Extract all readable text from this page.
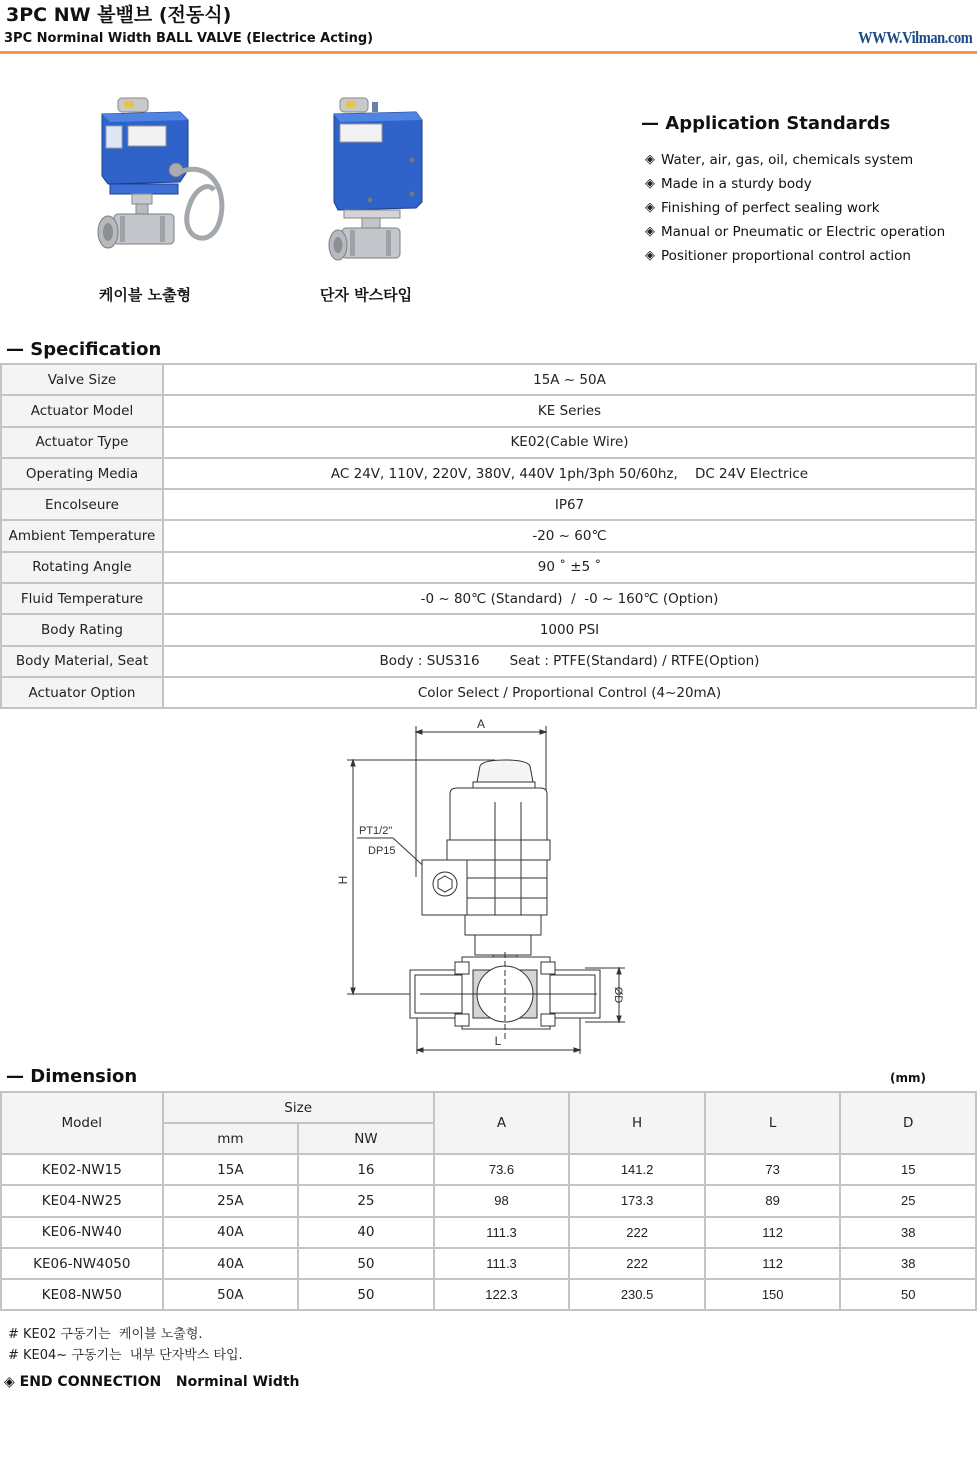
3PC NW 볼밸브 (전동식)
3PC Norminal Width BALL VALVE (Electrice Acting)	WWW.Vilman.com
케이블 노출형	단자 박스타입
— Application Standards
◈ Water, air, gas, oil, chemicals system
◈ Made in a sturdy body
◈ Finishing of perfect sealing work
◈ Manual or Pneumatic or Electric operation
◈ Positioner proportional control action
— Specification
Valve Size	15A ~ 50A
Actuator Model	KE Series
Actuator Type	KE02(Cable Wire)
Operating Media	AC 24V, 110V, 220V, 380V, 440V 1ph/3ph 50/60hz,    DC 24V Electrice
Encolseure	IP67
Ambient Temperature	-20 ~ 60℃
Rotating Angle	90 ˚ ±5 ˚
Fluid Temperature	-0 ~ 80℃ (Standard)  /  -0 ~ 160℃ (Option)
Body Rating	1000 PSI
Body Material, Seat	Body : SUS316       Seat : PTFE(Standard) / RTFE(Option)
Actuator Option	Color Select / Proportional Control (4~20mA)
A
H
PT1/2"
DP15
L
ØD
— Dimension	(mm)
Model	Size		A	H	L	D
	mm	NW				
KE02-NW15	15A	16	73.6	141.2	73	15
KE04-NW25	25A	25	98	173.3	89	25
KE06-NW40	40A	40	111.3	222	112	38
KE06-NW4050	40A	50	111.3	222	112	38
KE08-NW50	50A	50	122.3	230.5	150	50
# KE02 구동기는  케이블 노출형.
# KE04~ 구동기는  내부 단자박스 타입.
◈ END CONNECTION   Norminal Width
